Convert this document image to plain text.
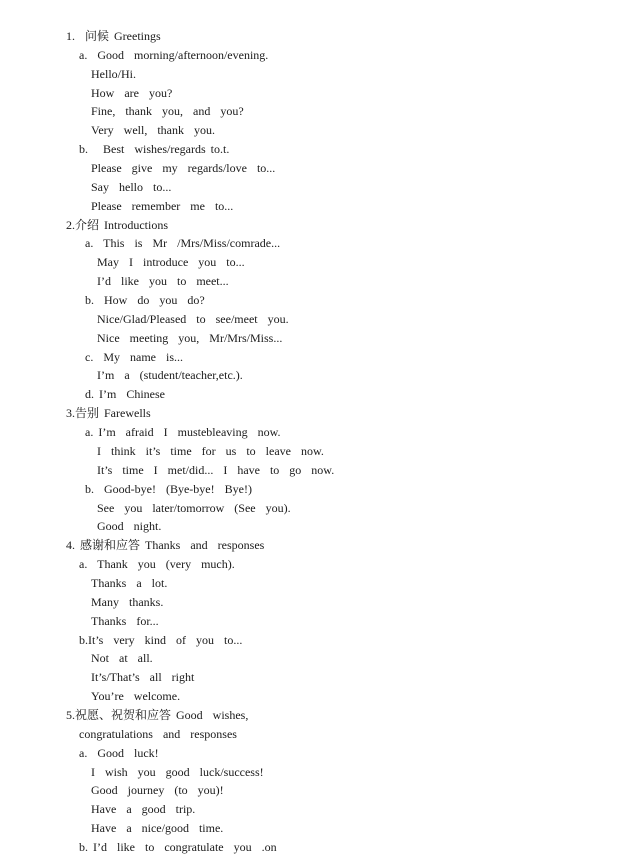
1.  问候 Greetings
a.  Good  morning/afternoon/evening.
Hello/Hi.
How  are  you?
Fine,  thank  you,  and  you?
Very  well,  thank  you.
b.   Best  wishes/regards to.t.
Please  give  my  regards/love  to...
Say  hello  to...
Please  remember  me  to...
2.介绍 Introductions
a.  This  is  Mr  /Mrs/Miss/comrade...
May  I  introduce  you  to...
I’d  like  you  to  meet...
b.  How  do  you  do?
Nice/Glad/Pleased  to  see/meet  you.
Nice  meeting  you,  Mr/Mrs/Miss...
c.  My  name  is...
I’m  a  (student/teacher,etc.).
d. I’m  Chinese
3.告别 Farewells
a. I’m  afraid  I  mustebleaving  now.
I  think  it’s  time  for  us  to  leave  now.
It’s  time  I  met/did...  I  have  to  go  now.
b.  Good-bye!  (Bye-bye!  Bye!)
See  you  later/tomorrow  (See  you).
Good  night.
4. 感谢和应答 Thanks  and  responses
a.  Thank  you  (very  much).
Thanks  a  lot.
Many  thanks.
Thanks  for...
b.It’s  very  kind  of  you  to...
Not  at  all.
It’s/That’s  all  right
You’re  welcome.
5.祝愿、祝贺和应答 Good  wishes,
congratulations  and  responses
a.  Good  luck!
I  wish  you  good  luck/success!
Good  journey  (to  you)!
Have  a  good  trip.
Have  a  nice/good  time.
b. I’d  like  to  congratulate  you  .on
